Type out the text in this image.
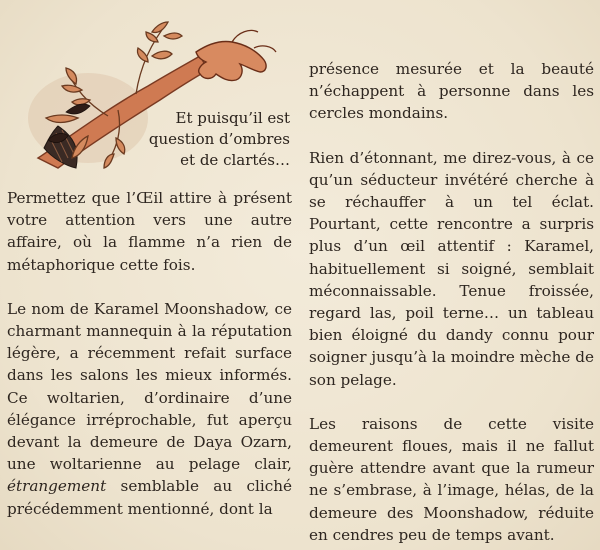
Et puisqu’il est
question d’ombres
et de clartés…

Permettez que l’Œil attire à présent votre attention vers une autre affaire, où la flamme n’a rien de métaphorique cette fois.

Le nom de Karamel Moonshadow, ce charmant mannequin à la réputation légère, a récemment refait surface dans les salons les mieux informés. Ce woltarien, d’ordinaire d’une élégance irréprochable, fut aperçu devant la demeure de Daya Ozarn, une woltarienne au pelage clair, étrangement semblable au cliché précédemment mentionné, dont la

présence mesurée et la beauté n’échappent à personne dans les cercles mondains.

Rien d’étonnant, me direz-vous, à ce qu’un séducteur invétéré cherche à se réchauffer à un tel éclat. Pourtant, cette rencontre a surpris plus d’un œil attentif : Karamel, habituellement si soigné, semblait méconnaissable. Tenue froissée, regard las, poil terne… un tableau bien éloigné du dandy connu pour soigner jusqu’à la moindre mèche de son pelage.

Les raisons de cette visite demeurent floues, mais il ne fallut guère attendre avant que la rumeur ne s’embrase, à l’image, hélas, de la demeure des Moonshadow, réduite en cendres peu de temps avant.
